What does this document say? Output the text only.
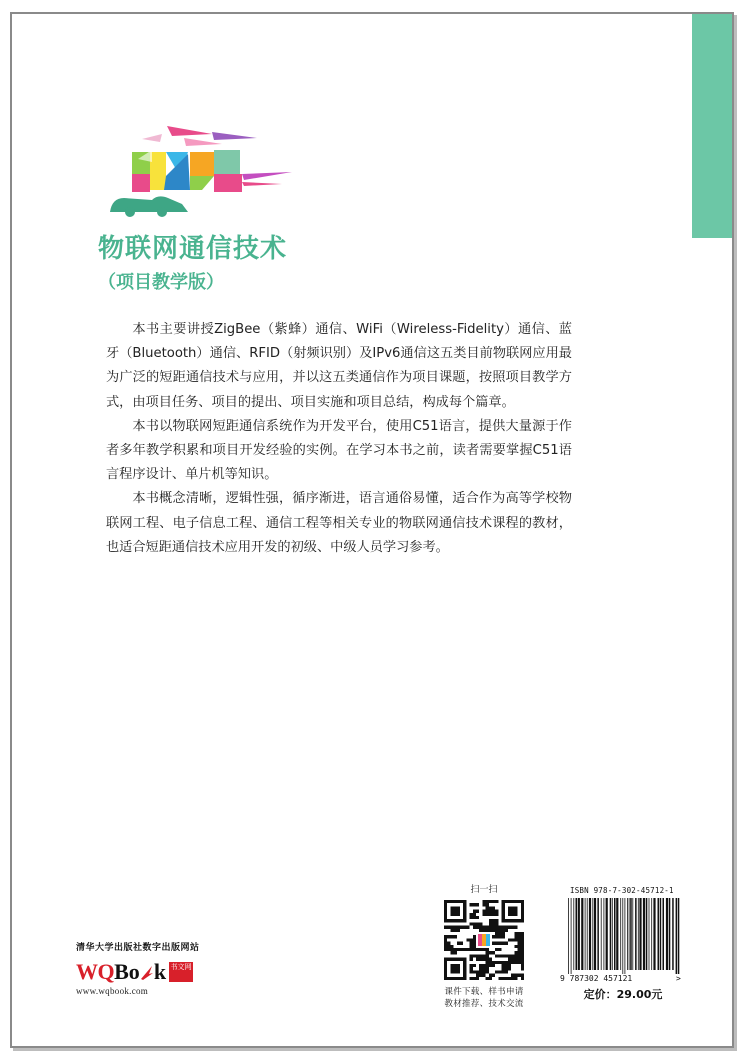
物联网通信技术
（项目教学版）

本书主要讲授ZigBee（紫蜂）通信、WiFi（Wireless-Fidelity）通信、蓝牙（Bluetooth）通信、RFID（射频识别）及IPv6通信这五类目前物联网应用最为广泛的短距通信技术与应用，并以这五类通信作为项目课题，按照项目教学方式，由项目任务、项目的提出、项目实施和项目总结，构成每个篇章。

本书以物联网短距通信系统作为开发平台，使用C51语言，提供大量源于作者多年教学积累和项目开发经验的实例。在学习本书之前，读者需要掌握C51语言程序设计、单片机等知识。

本书概念清晰，逻辑性强，循序渐进，语言通俗易懂，适合作为高等学校物联网工程、电子信息工程、通信工程等相关专业的物联网通信技术课程的教材，也适合短距通信技术应用开发的初级、中级人员学习参考。

清华大学出版社数字出版网站
WQ Bo k 书文网
www.wqbook.com
扫一扫
课件下载、样书申请
教材推荐、技术交流
ISBN 978-7-302-45712-1
9 787302 457121	>
定价：29.00元
